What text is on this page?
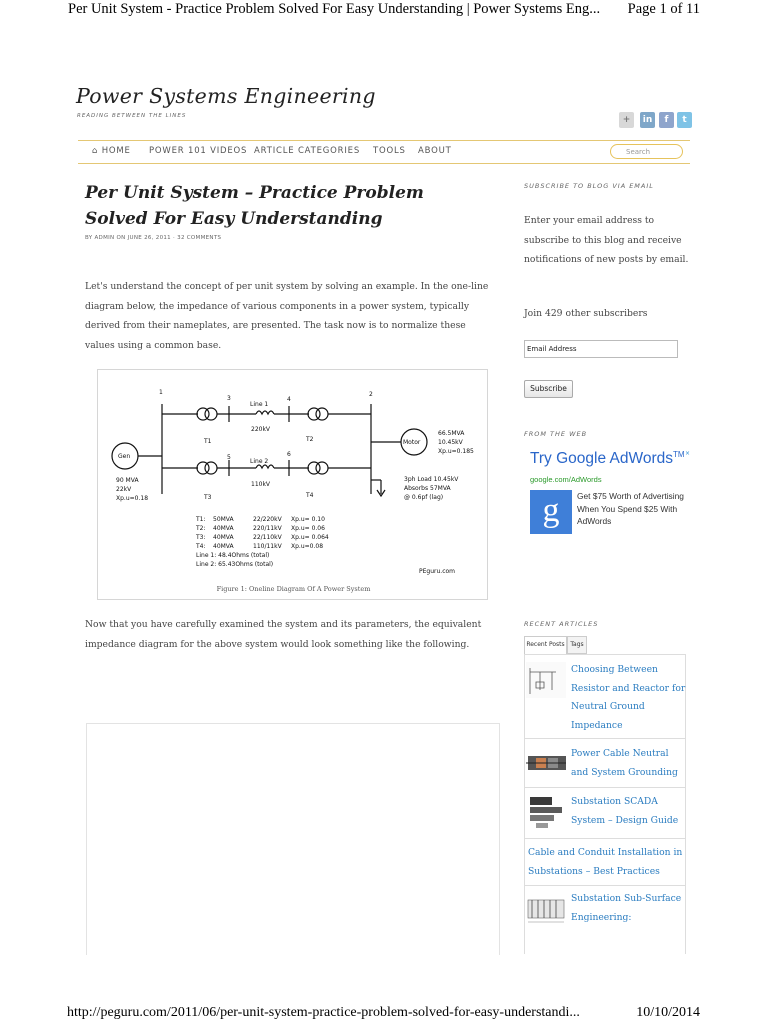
Per Unit System - Practice Problem Solved For Easy Understanding | Power Systems Eng... Page 1 of 11
Power Systems Engineering
READING BETWEEN THE LINES	+	in	f	t
⌂ HOME POWER 101 VIDEOS ARTICLE CATEGORIES TOOLS ABOUT
Search
Per Unit System – Practice Problem Solved For Easy Understanding
BY ADMIN ON JUNE 26, 2011 · 32 COMMENTS

Let's understand the concept of per unit system by solving an example. In the one-line diagram below, the impedance of various components in a power system, typically derived from their nameplates, are presented. The task now is to normalize these values using a common base.

1	2
3	4
5	6
Line 1
220kV
Line 2
110kV
T1	T2
T3	T4
Gen
90 MVA
22kV
Xp.u=0.18
Motor
66.5MVA
10.45kV
Xp.u=0.185
3ph Load 10.45kV
Absorbs 57MVA
@ 0.6pf (lag)
T1: 50MVA	22/220kV Xp.u= 0.10
T2: 40MVA	220/11kV Xp.u= 0.06
T3: 40MVA	22/110kV Xp.u= 0.064
T4: 40MVA	110/11kV Xp.u=0.08
Line 1: 48.4Ohms (total)
Line 2: 65.43Ohms (total)
PEguru.com
Figure 1: Oneline Diagram Of A Power System

Now that you have carefully examined the system and its parameters, the equivalent impedance diagram for the above system would look something like the following.

SUBSCRIBE TO BLOG VIA EMAIL

Enter your email address to subscribe to this blog and receive notifications of new posts by email.

Join 429 other subscribers

Email Address
Subscribe
FROM THE WEB
×
Try Google AdWords™
google.com/AdWords
g	Get $75 Worth of Advertising
When You Spend $25 With
AdWords
RECENT ARTICLES
Recent Posts Tags
Choosing Between Resistor and Reactor for Neutral Ground Impedance
Power Cable Neutral and System Grounding
Substation SCADA System – Design Guide
Cable and Conduit Installation in Substations – Best Practices
Substation Sub-Surface Engineering:
http://peguru.com/2011/06/per-unit-system-practice-problem-solved-for-easy-understandi...	10/10/2014
